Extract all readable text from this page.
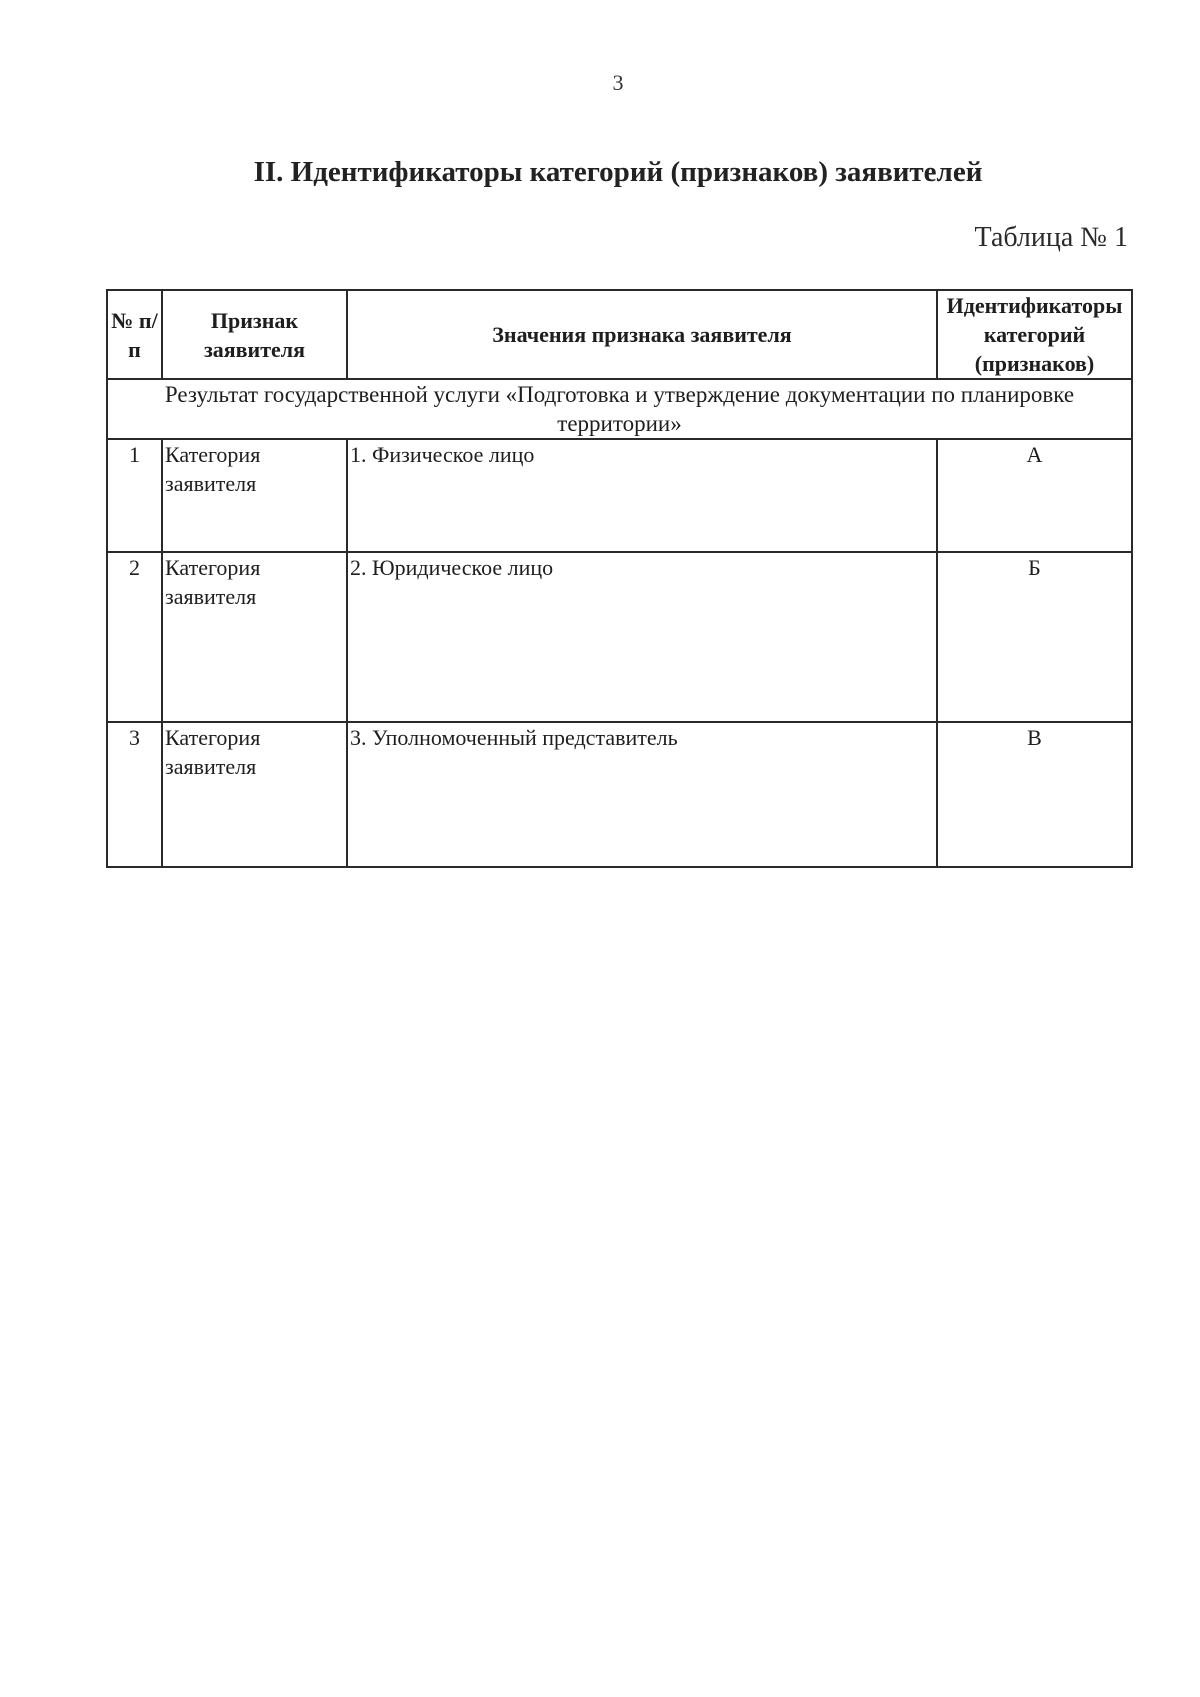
3
II. Идентификаторы категорий (признаков) заявителей
Таблица № 1
№ п/п	Признак заявителя	Значения признака заявителя	Идентификаторы категорий (признаков)
Результат государственной услуги «Подготовка и утверждение документации по планировке территории»			
1	Категория заявителя	1. Физическое лицо	А
2	Категория заявителя	2. Юридическое лицо	Б
3	Категория заявителя	3. Уполномоченный представитель	В
